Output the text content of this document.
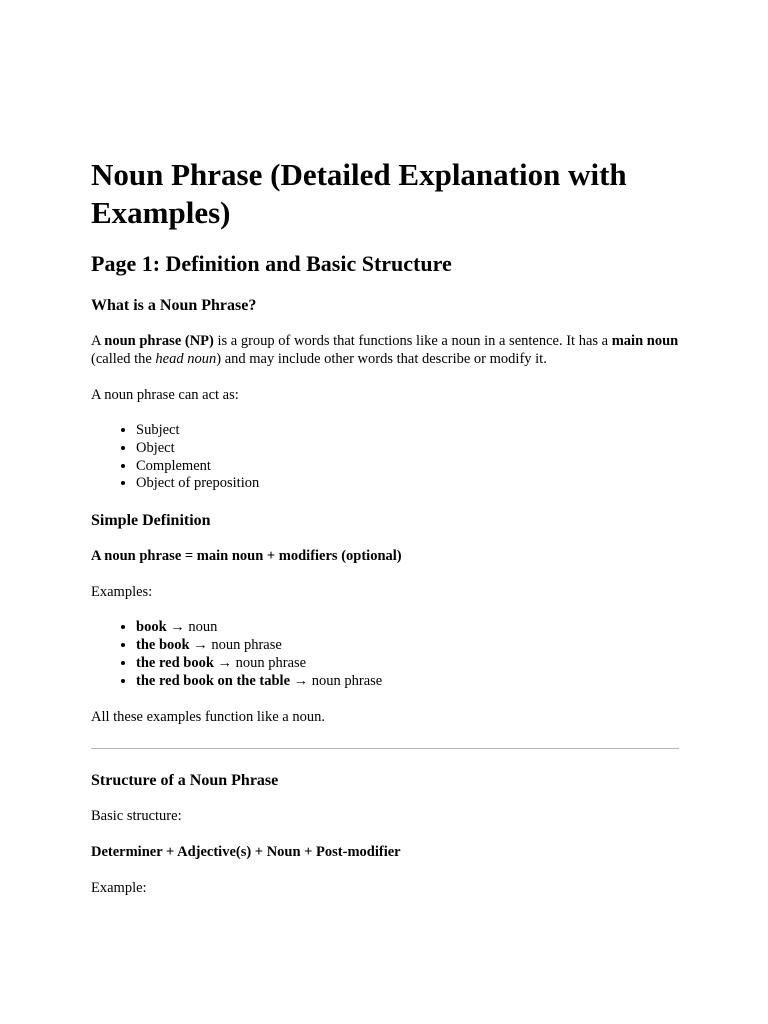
Noun Phrase (Detailed Explanation with Examples)
Page 1: Definition and Basic Structure
What is a Noun Phrase?

A noun phrase (NP) is a group of words that functions like a noun in a sentence. It has a main noun (called the head noun) and may include other words that describe or modify it.

A noun phrase can act as:

• Subject
• Object
• Complement
• Object of preposition
Simple Definition

A noun phrase = main noun + modifiers (optional)

Examples:

• book → noun
• the book → noun phrase
• the red book → noun phrase
• the red book on the table → noun phrase

All these examples function like a noun.

Structure of a Noun Phrase

Basic structure:

Determiner + Adjective(s) + Noun + Post-modifier

Example:
